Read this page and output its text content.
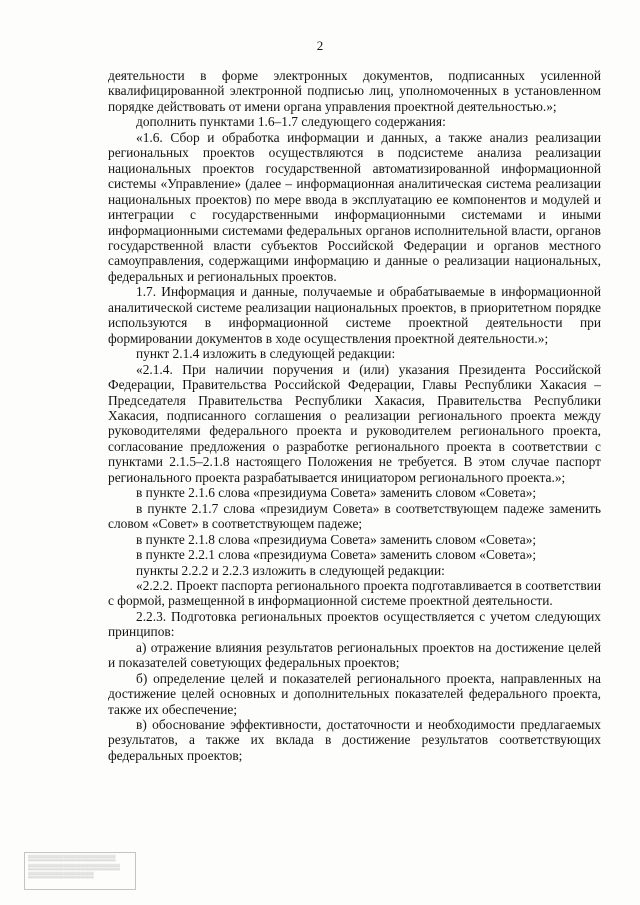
2

деятельности в форме электронных документов, подписанных усиленной квалифицированной электронной подписью лиц, уполномоченных в установленном порядке действовать от имени органа управления проектной деятельностью.»;

дополнить пунктами 1.6–1.7 следующего содержания:

«1.6. Сбор и обработка информации и данных, а также анализ реализации региональных проектов осуществляются в подсистеме анализа реализации национальных проектов государственной автоматизированной информационной системы «Управление» (далее – информационная аналитическая система реализации национальных проектов) по мере ввода в эксплуатацию ее компонентов и модулей и интеграции с государственными информационными системами и иными информационными системами федеральных органов исполнительной власти, органов государственной власти субъектов Российской Федерации и органов местного самоуправления, содержащими информацию и данные о реализации национальных, федеральных и региональных проектов.

1.7. Информация и данные, получаемые и обрабатываемые в информационной аналитической системе реализации национальных проектов, в приоритетном порядке используются в информационной системе проектной деятельности при формировании документов в ходе осуществления проектной деятельности.»;

пункт 2.1.4 изложить в следующей редакции:

«2.1.4. При наличии поручения и (или) указания Президента Российской Федерации, Правительства Российской Федерации, Главы Республики Хакасия – Председателя Правительства Республики Хакасия, Правительства Республики Хакасия, подписанного соглашения о реализации регионального проекта между руководителями федерального проекта и руководителем регионального проекта, согласование предложения о разработке регионального проекта в соответствии с пунктами 2.1.5–2.1.8 настоящего Положения не требуется. В этом случае паспорт регионального проекта разрабатывается инициатором регионального проекта.»;

в пункте 2.1.6 слова «президиума Совета» заменить словом «Совета»;

в пункте 2.1.7 слова «президиум Совета» в соответствующем падеже заменить словом «Совет» в соответствующем падеже;

в пункте 2.1.8 слова «президиума Совета» заменить словом «Совета»;

в пункте 2.2.1 слова «президиума Совета» заменить словом «Совета»;

пункты 2.2.2 и 2.2.3 изложить в следующей редакции:

«2.2.2. Проект паспорта регионального проекта подготавливается в соответствии с формой, размещенной в информационной системе проектной деятельности.

2.2.3. Подготовка региональных проектов осуществляется с учетом следующих принципов:

а) отражение влияния результатов региональных проектов на достижение целей и показателей советующих федеральных проектов;

б) определение целей и показателей регионального проекта, направленных на достижение целей основных и дополнительных показателей федерального проекта, также их обеспечение;

в) обоснование эффективности, достаточности и необходимости предлагаемых результатов, а также их вклада в достижение результатов соответствующих федеральных проектов;

▒▒▒▒▒▒▒▒▒▒▒▒▒▒▒▒▒▒▒▒
▒▒▒▒▒▒▒▒▒▒▒▒▒▒▒▒▒▒▒▒▒
▒▒▒▒▒▒▒▒▒▒▒▒▒▒▒
